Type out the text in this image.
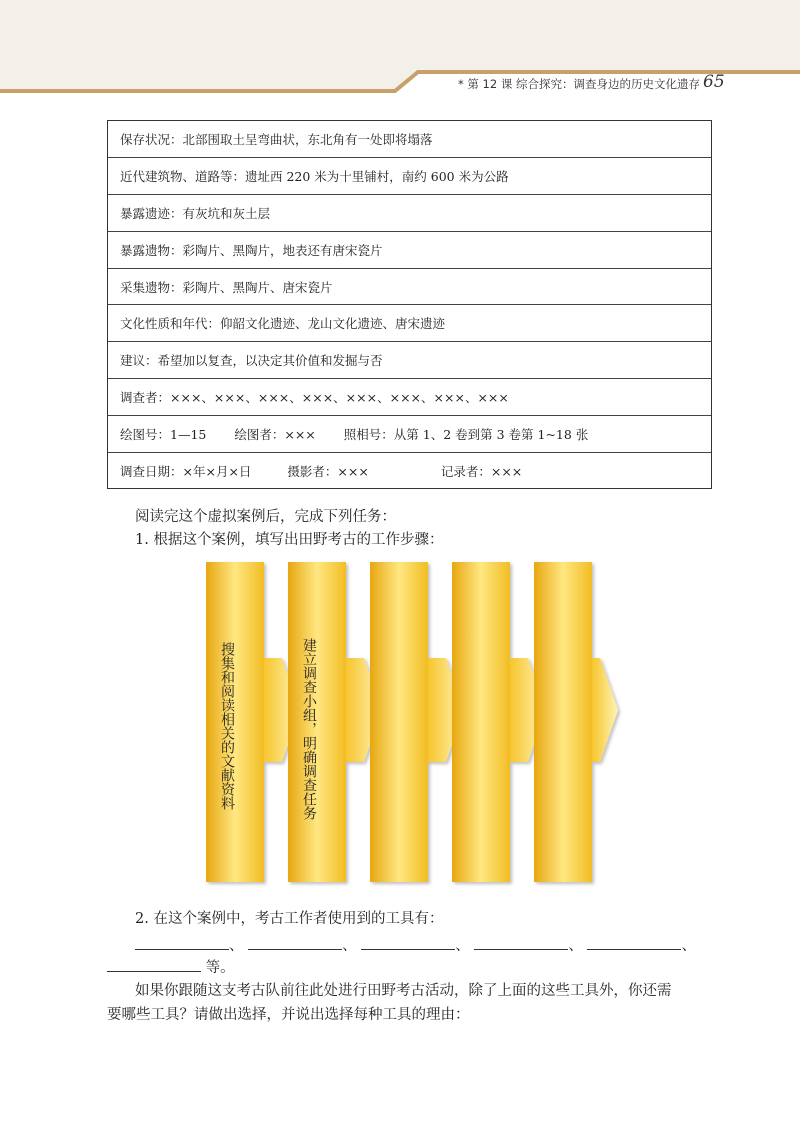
* 第 12 课 综合探究：调查身边的历史文化遗存 65
保存状况：北部围取土呈弯曲状，东北角有一处即将塌落
近代建筑物、道路等：遗址西 220 米为十里铺村，南约 600 米为公路
暴露遗迹：有灰坑和灰土层
暴露遗物：彩陶片、黑陶片，地表还有唐宋瓷片
采集遗物：彩陶片、黑陶片、唐宋瓷片
文化性质和年代：仰韶文化遗迹、龙山文化遗迹、唐宋遗迹
建议：希望加以复查，以决定其价值和发掘与否
调查者：×××、×××、×××、×××、×××、×××、×××、×××
绘图号：1—15 绘图者：××× 照相号：从第 1、2 卷到第 3 卷第 1~18 张
调查日期：×年×月×日	摄影者：×××	记录者：×××
阅读完这个虚拟案例后，完成下列任务：
1. 根据这个案例，填写出田野考古的工作步骤：
搜集和阅读相关的文献资料	建立调查小组，明确调查任务
2. 在这个案例中，考古工作者使用到的工具有：
、	、	、	、	、
等。
如果你跟随这支考古队前往此处进行田野考古活动，除了上面的这些工具外，你还需
要哪些工具？请做出选择，并说出选择每种工具的理由：
